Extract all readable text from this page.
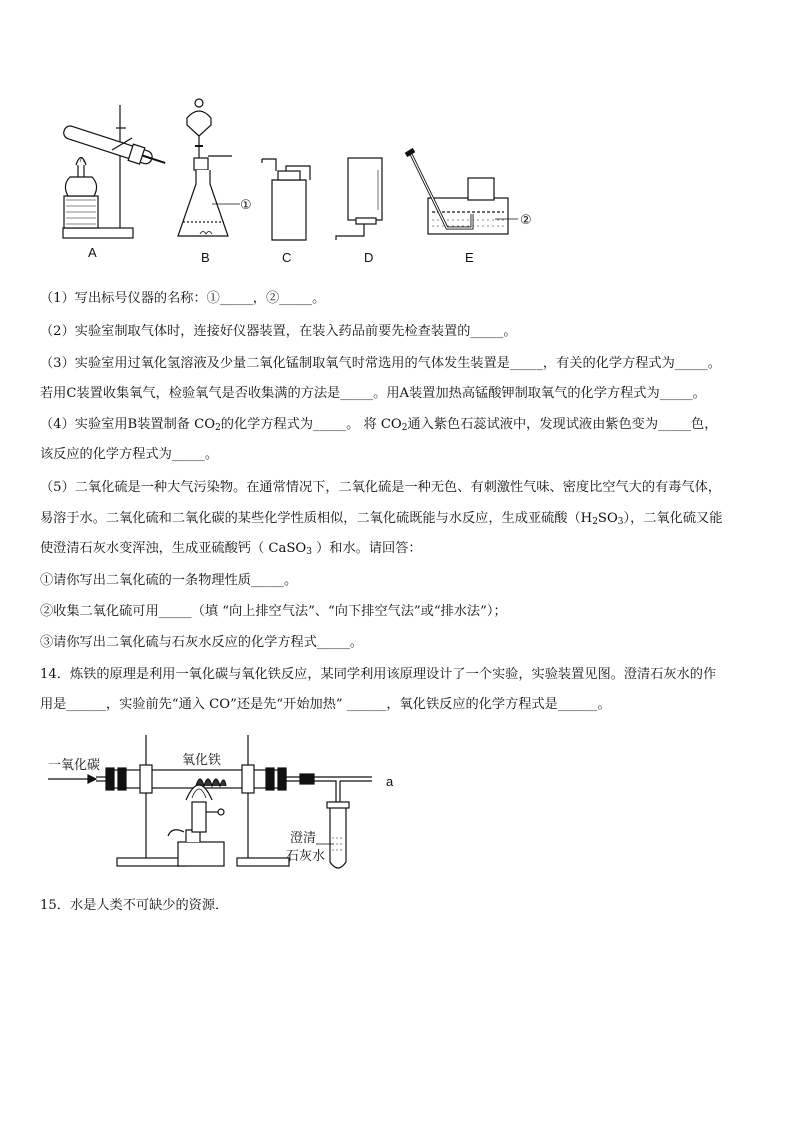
A	B	C	D	E
①
②
（1）写出标号仪器的名称：①_____，②_____。
（2）实验室制取气体时，连接好仪器装置，在装入药品前要先检查装置的_____。
（3）实验室用过氧化氢溶液及少量二氧化锰制取氧气时常选用的气体发生装置是_____，有关的化学方程式为_____。
若用C装置收集氧气，检验氧气是否收集满的方法是_____。用A装置加热高锰酸钾制取氧气的化学方程式为_____。
（4）实验室用B装置制备 $CO_2$的化学方程式为_____。 将 $CO_2$通入紫色石蕊试液中，发现试液由紫色变为_____色，
该反应的化学方程式为_____。
（5）二氧化硫是一种大气污染物。在通常情况下，二氧化硫是一种无色、有刺激性气味、密度比空气大的有毒气体，
易溶于水。二氧化硫和二氧化碳的某些化学性质相似，二氧化硫既能与水反应，生成亚硫酸$(H_2SO_3)$，二氧化硫又能
使澄清石灰水变浑浊，生成亚硫酸钙（ CaSO$_3$ ）和水。请回答：
①请你写出二氧化硫的一条物理性质_____。
②收集二氧化硫可用_____（填 “向上排空气法”、“向下排空气法”或“排水法”）；
③请你写出二氧化硫与石灰水反应的化学方程式_____。
14．炼铁的原理是利用一氧化碳与氧化铁反应，某同学利用该原理设计了一个实验，实验装置见图。澄清石灰水的作
用是______，实验前先“通入 CO”还是先“开始加热” ______，氧化铁反应的化学方程式是______。
一氧化碳	氧化铁
a
澄清
石灰水
15．水是人类不可缺少的资源．
